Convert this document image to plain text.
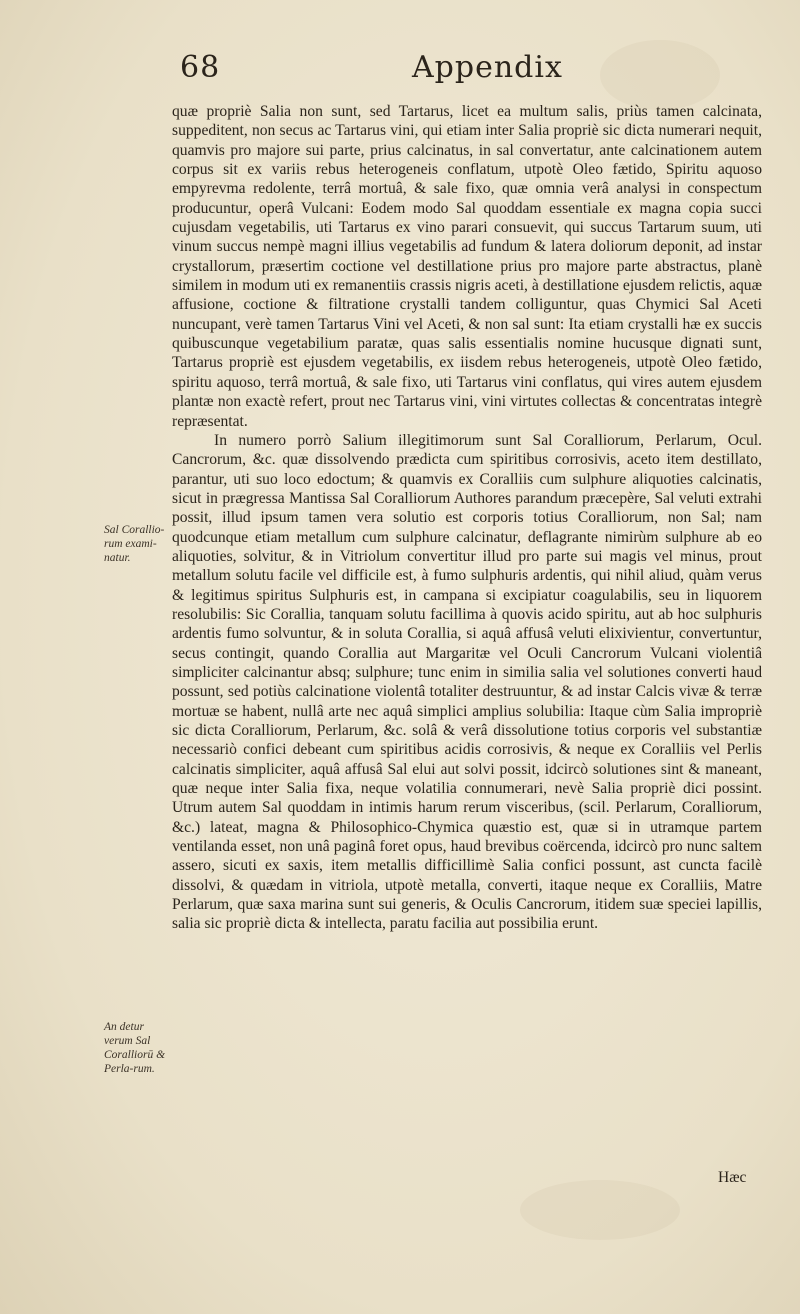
68	Appendix
Sal Corallio-rum exami-natur.
An detur verum Sal Coralliorū & Perla-rum.

quæ propriè Salia non sunt, sed Tartarus, licet ea multum salis, priùs tamen calcinata, suppeditent, non secus ac Tartarus vini, qui etiam inter Salia propriè sic dicta numerari nequit, quamvis pro majore sui parte, prius calcinatus, in sal convertatur, ante calcinationem autem corpus sit ex variis rebus heterogeneis conflatum, utpotè Oleo fætido, Spiritu aquoso empyrevma redolente, terrâ mortuâ, & sale fixo, quæ omnia verâ analysi in conspectum producuntur, operâ Vulcani: Eodem modo Sal quoddam essentiale ex magna copia succi cujusdam vegetabilis, uti Tartarus ex vino parari consuevit, qui succus Tartarum suum, uti vinum succus nempè magni illius vegetabilis ad fundum & latera doliorum deponit, ad instar crystallorum, præsertim coctione vel destillatione prius pro majore parte abstractus, planè similem in modum uti ex remanentiis crassis nigris aceti, à destillatione ejusdem relictis, aquæ affusione, coctione & filtratione crystalli tandem colliguntur, quas Chymici Sal Aceti nuncupant, verè tamen Tartarus Vini vel Aceti, & non sal sunt: Ita etiam crystalli hæ ex succis quibuscunque vegetabilium paratæ, quas salis essentialis nomine hucusque dignati sunt, Tartarus propriè est ejusdem vegetabilis, ex iisdem rebus heterogeneis, utpotè Oleo fætido, spiritu aquoso, terrâ mortuâ, & sale fixo, uti Tartarus vini conflatus, qui vires autem ejusdem plantæ non exactè refert, prout nec Tartarus vini, vini virtutes collectas & concentratas integrè repræsentat.

In numero porrò Salium illegitimorum sunt Sal Coralliorum, Perlarum, Ocul. Cancrorum, &c. quæ dissolvendo prædicta cum spiritibus corrosivis, aceto item destillato, parantur, uti suo loco edoctum; & quamvis ex Coralliis cum sulphure aliquoties calcinatis, sicut in prægressa Mantissa Sal Coralliorum Authores parandum præcepère, Sal veluti extrahi possit, illud ipsum tamen vera solutio est corporis totius Coralliorum, non Sal; nam quodcunque etiam metallum cum sulphure calcinatur, deflagrante nimirùm sulphure ab eo aliquoties, solvitur, & in Vitriolum convertitur illud pro parte sui magis vel minus, prout metallum solutu facile vel difficile est, à fumo sulphuris ardentis, qui nihil aliud, quàm verus & legitimus spiritus Sulphuris est, in campana si excipiatur coagulabilis, seu in liquorem resolubilis: Sic Corallia, tanquam solutu facillima à quovis acido spiritu, aut ab hoc sulphuris ardentis fumo solvuntur, & in soluta Corallia, si aquâ affusâ veluti elixivientur, convertuntur, secus contingit, quando Corallia aut Margaritæ vel Oculi Cancrorum Vulcani violentiâ simpliciter calcinantur absq; sulphure; tunc enim in similia salia vel solutiones converti haud possunt, sed potiùs calcinatione violentâ totaliter destruuntur, & ad instar Calcis vivæ & terræ mortuæ se habent, nullâ arte nec aquâ simplici amplius solubilia: Itaque cùm Salia impropriè sic dicta Coralliorum, Perlarum, &c. solâ & verâ dissolutione totius corporis vel substantiæ necessariò confici debeant cum spiritibus acidis corrosivis, & neque ex Coralliis vel Perlis calcinatis simpliciter, aquâ affusâ Sal elui aut solvi possit, idcircò solutiones sint & maneant, quæ neque inter Salia fixa, neque volatilia connumerari, nevè Salia propriè dici possint. Utrum autem Sal quoddam in intimis harum rerum visceribus, (scil. Perlarum, Coralliorum, &c.) lateat, magna & Philosophico-Chymica quæstio est, quæ si in utramque partem ventilanda esset, non unâ paginâ foret opus, haud brevibus coërcenda, idcircò pro nunc saltem assero, sicuti ex saxis, item metallis difficillimè Salia confici possunt, ast cuncta facilè dissolvi, & quædam in vitriola, utpotè metalla, converti, itaque neque ex Coralliis, Matre Perlarum, quæ saxa marina sunt sui generis, & Oculis Cancrorum, itidem suæ speciei lapillis, salia sic propriè dicta & intellecta, paratu facilia aut possibilia erunt.

Hæc
